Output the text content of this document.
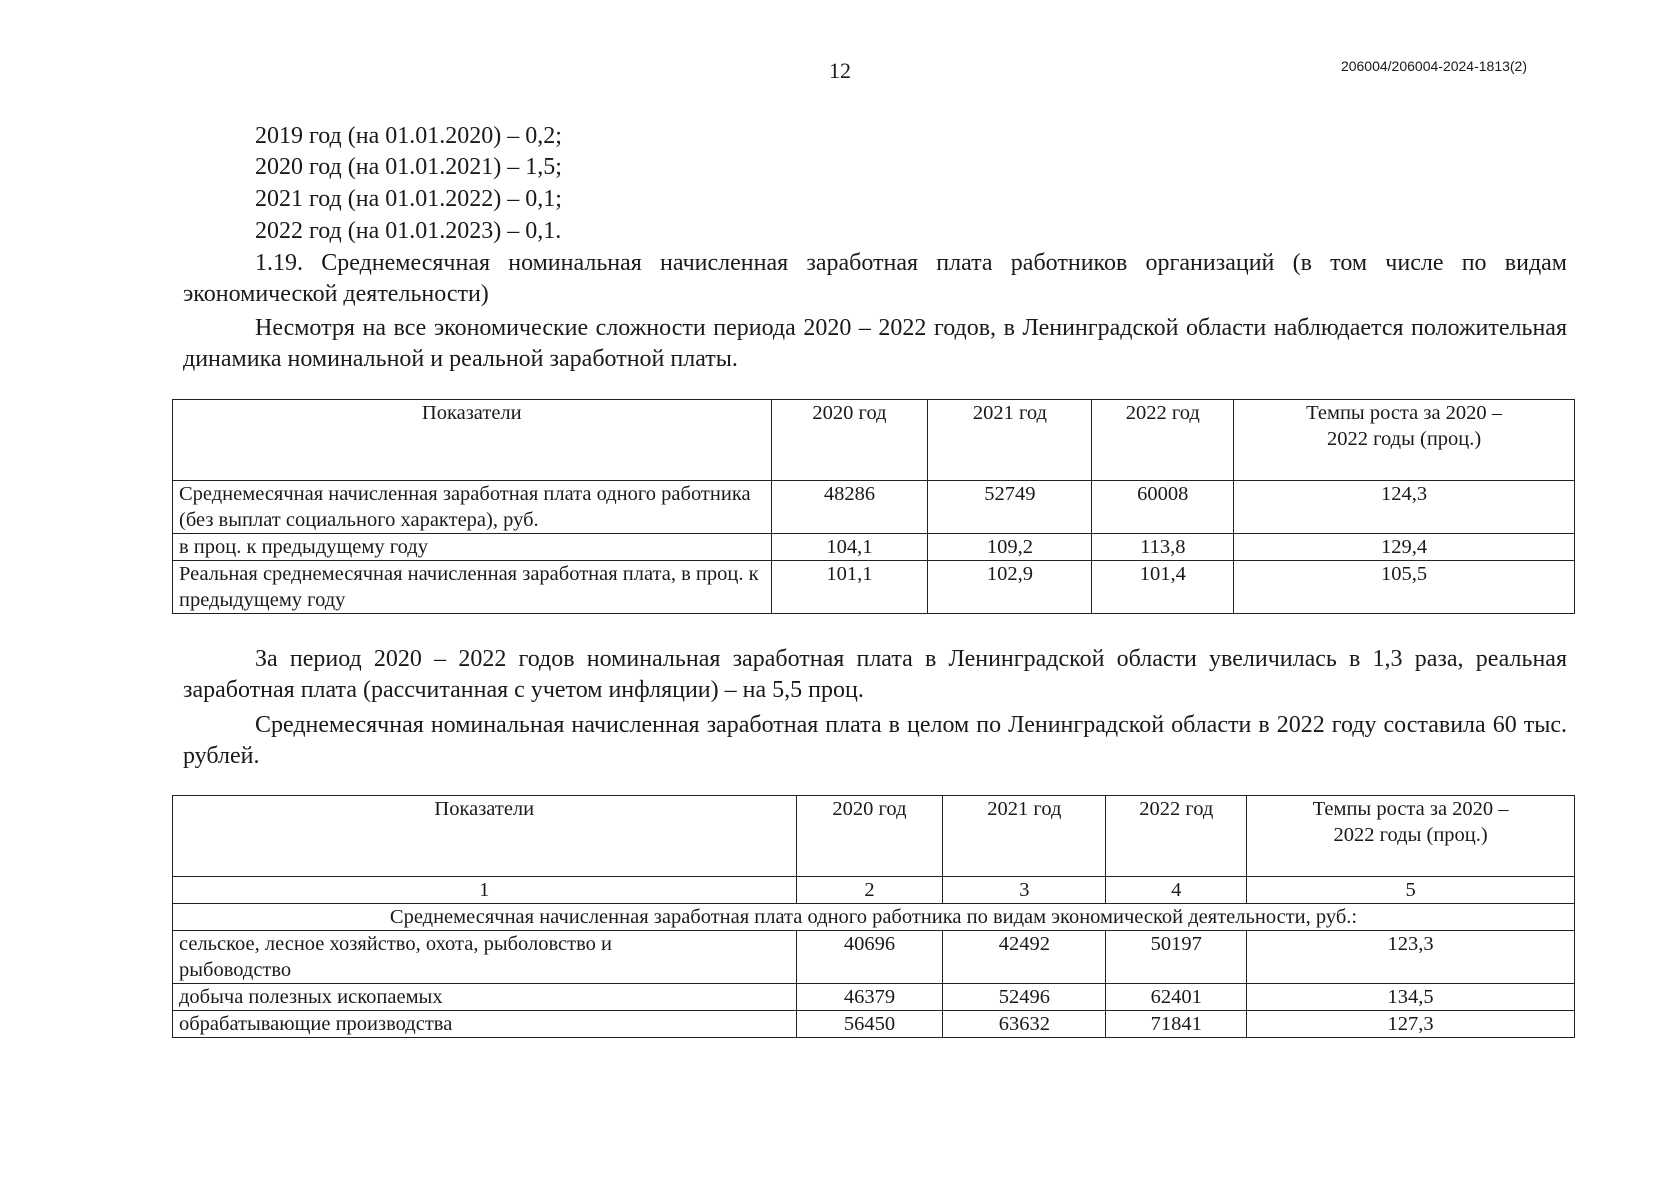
12	206004/206004-2024-1813(2)
2019 год (на 01.01.2020) – 0,2;
2020 год (на 01.01.2021) – 1,5;
2021 год (на 01.01.2022) – 0,1;
2022 год (на 01.01.2023) – 0,1.

1.19. Среднемесячная номинальная начисленная заработная плата работников организаций (в том числе по видам экономической деятельности)

Несмотря на все экономические сложности периода 2020 – 2022 годов, в Ленинградской области наблюдается положительная динамика номинальной и реальной заработной платы.

Показатели	2020 год	2021 год	2022 год	Темпы роста за 2020 – 2022 годы (проц.)
Среднемесячная начисленная заработная плата одного работника (без выплат социального характера), руб.	48286	52749	60008	124,3
в проц. к предыдущему году	104,1	109,2	113,8	129,4
Реальная среднемесячная начисленная заработная плата, в проц. к предыдущему году	101,1	102,9	101,4	105,5

За период 2020 – 2022 годов номинальная заработная плата в Ленинградской области увеличилась в 1,3 раза, реальная заработная плата (рассчитанная с учетом инфляции) – на 5,5 проц.

Среднемесячная номинальная начисленная заработная плата в целом по Ленинградской области в 2022 году составила 60 тыс. рублей.

Показатели	2020 год	2021 год	2022 год	Темпы роста за 2020 – 2022 годы (проц.)
1	2	3	4	5
Среднемесячная начисленная заработная плата одного работника по видам экономической деятельности, руб.:				
сельское, лесное хозяйство, охота, рыболовство и рыбоводство	40696	42492	50197	123,3
добыча полезных ископаемых	46379	52496	62401	134,5
обрабатывающие производства	56450	63632	71841	127,3
